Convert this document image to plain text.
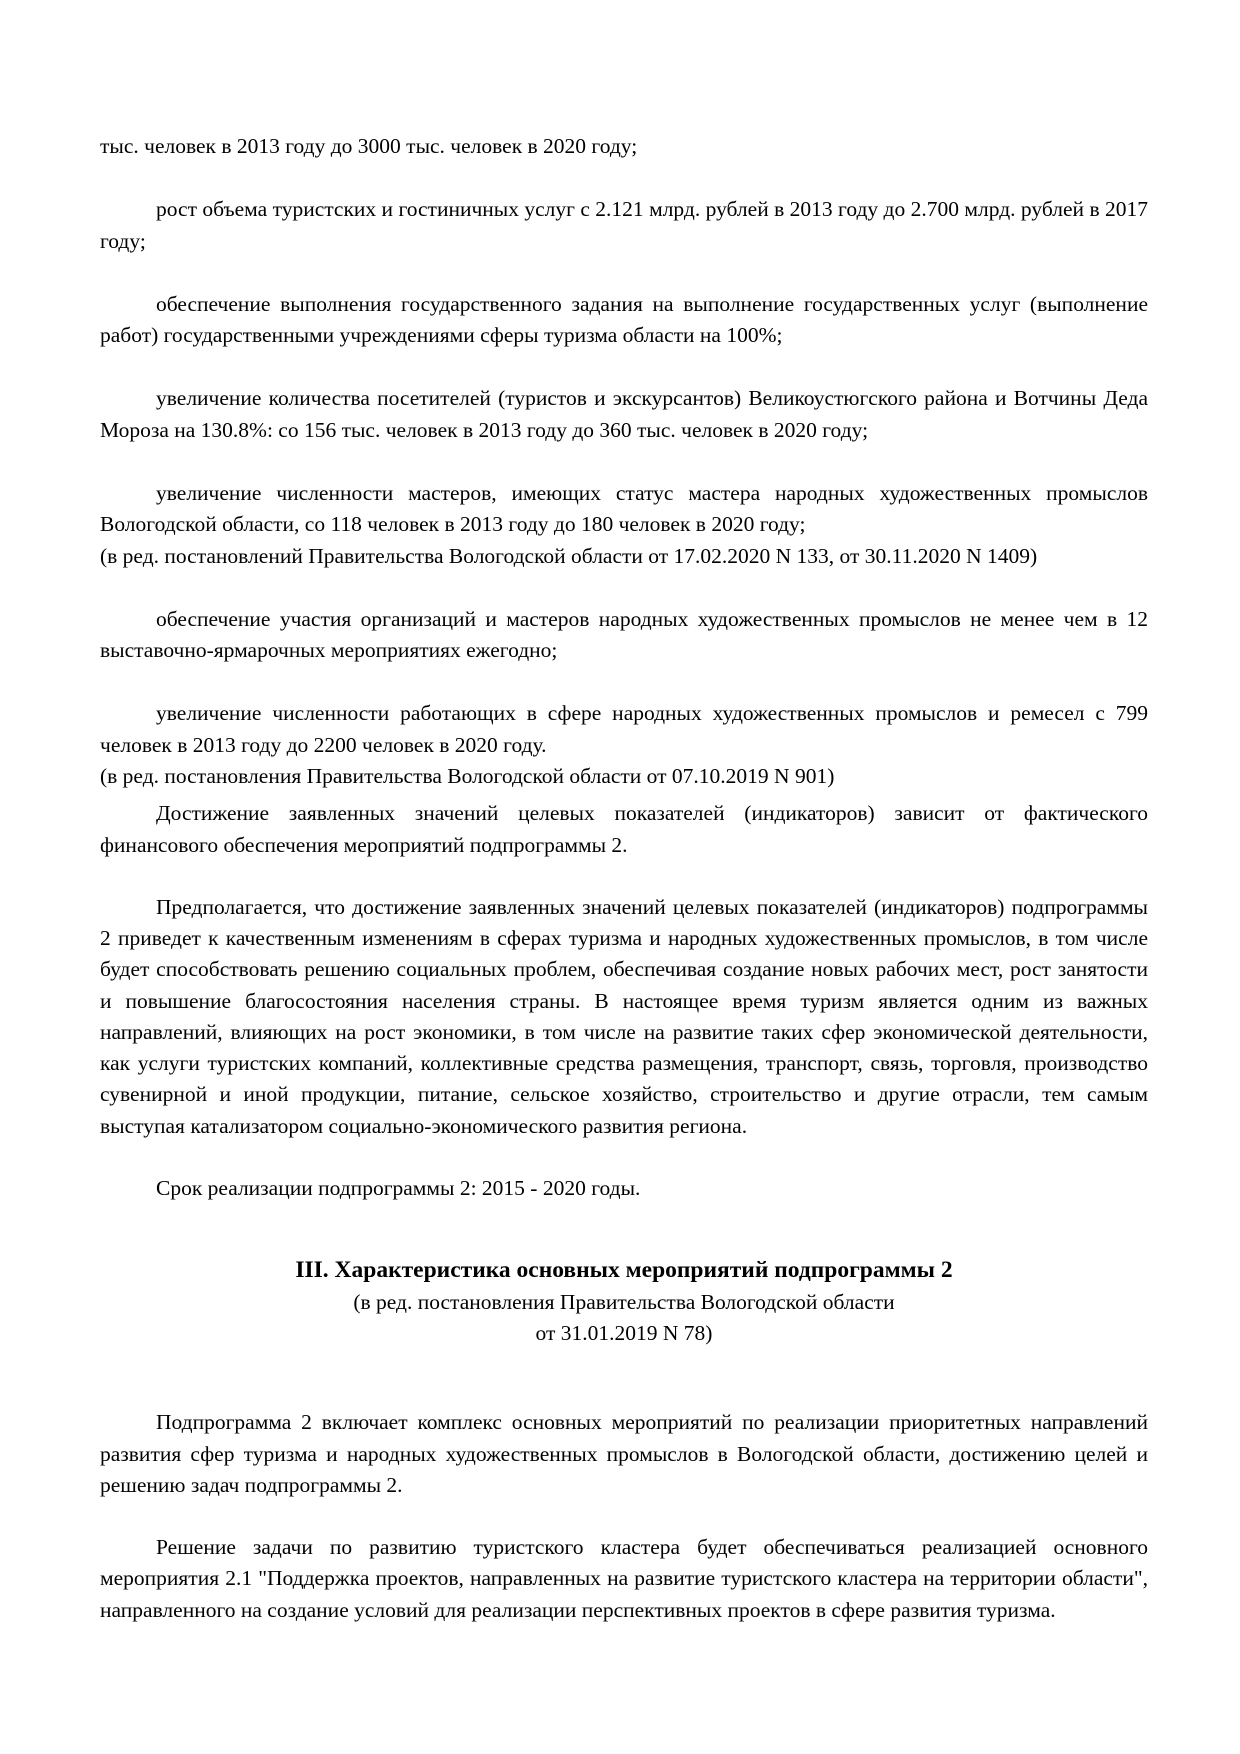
тыс. человек в 2013 году до 3000 тыс. человек в 2020 году;

рост объема туристских и гостиничных услуг с 2.121 млрд. рублей в 2013 году до 2.700 млрд. рублей в 2017 году;

обеспечение выполнения государственного задания на выполнение государственных услуг (выполнение работ) государственными учреждениями сферы туризма области на 100%;

увеличение количества посетителей (туристов и экскурсантов) Великоустюгского района и Вотчины Деда Мороза на 130.8%: со 156 тыс. человек в 2013 году до 360 тыс. человек в 2020 году;

увеличение численности мастеров, имеющих статус мастера народных художественных промыслов Вологодской области, со 118 человек в 2013 году до 180 человек в 2020 году;

(в ред. постановлений Правительства Вологодской области от 17.02.2020 N 133, от 30.11.2020 N 1409)

обеспечение участия организаций и мастеров народных художественных промыслов не менее чем в 12 выставочно-ярмарочных мероприятиях ежегодно;

увеличение численности работающих в сфере народных художественных промыслов и ремесел с 799 человек в 2013 году до 2200 человек в 2020 году.

(в ред. постановления Правительства Вологодской области от 07.10.2019 N 901)

Достижение заявленных значений целевых показателей (индикаторов) зависит от фактического финансового обеспечения мероприятий подпрограммы 2.

Предполагается, что достижение заявленных значений целевых показателей (индикаторов) подпрограммы 2 приведет к качественным изменениям в сферах туризма и народных художественных промыслов, в том числе будет способствовать решению социальных проблем, обеспечивая создание новых рабочих мест, рост занятости и повышение благосостояния населения страны. В настоящее время туризм является одним из важных направлений, влияющих на рост экономики, в том числе на развитие таких сфер экономической деятельности, как услуги туристских компаний, коллективные средства размещения, транспорт, связь, торговля, производство сувенирной и иной продукции, питание, сельское хозяйство, строительство и другие отрасли, тем самым выступая катализатором социально-экономического развития региона.

Срок реализации подпрограммы 2: 2015 - 2020 годы.

III. Характеристика основных мероприятий подпрограммы 2

(в ред. постановления Правительства Вологодской области

от 31.01.2019 N 78)

Подпрограмма 2 включает комплекс основных мероприятий по реализации приоритетных направлений развития сфер туризма и народных художественных промыслов в Вологодской области, достижению целей и решению задач подпрограммы 2.

Решение задачи по развитию туристского кластера будет обеспечиваться реализацией основного мероприятия 2.1 "Поддержка проектов, направленных на развитие туристского кластера на территории области", направленного на создание условий для реализации перспективных проектов в сфере развития туризма.
